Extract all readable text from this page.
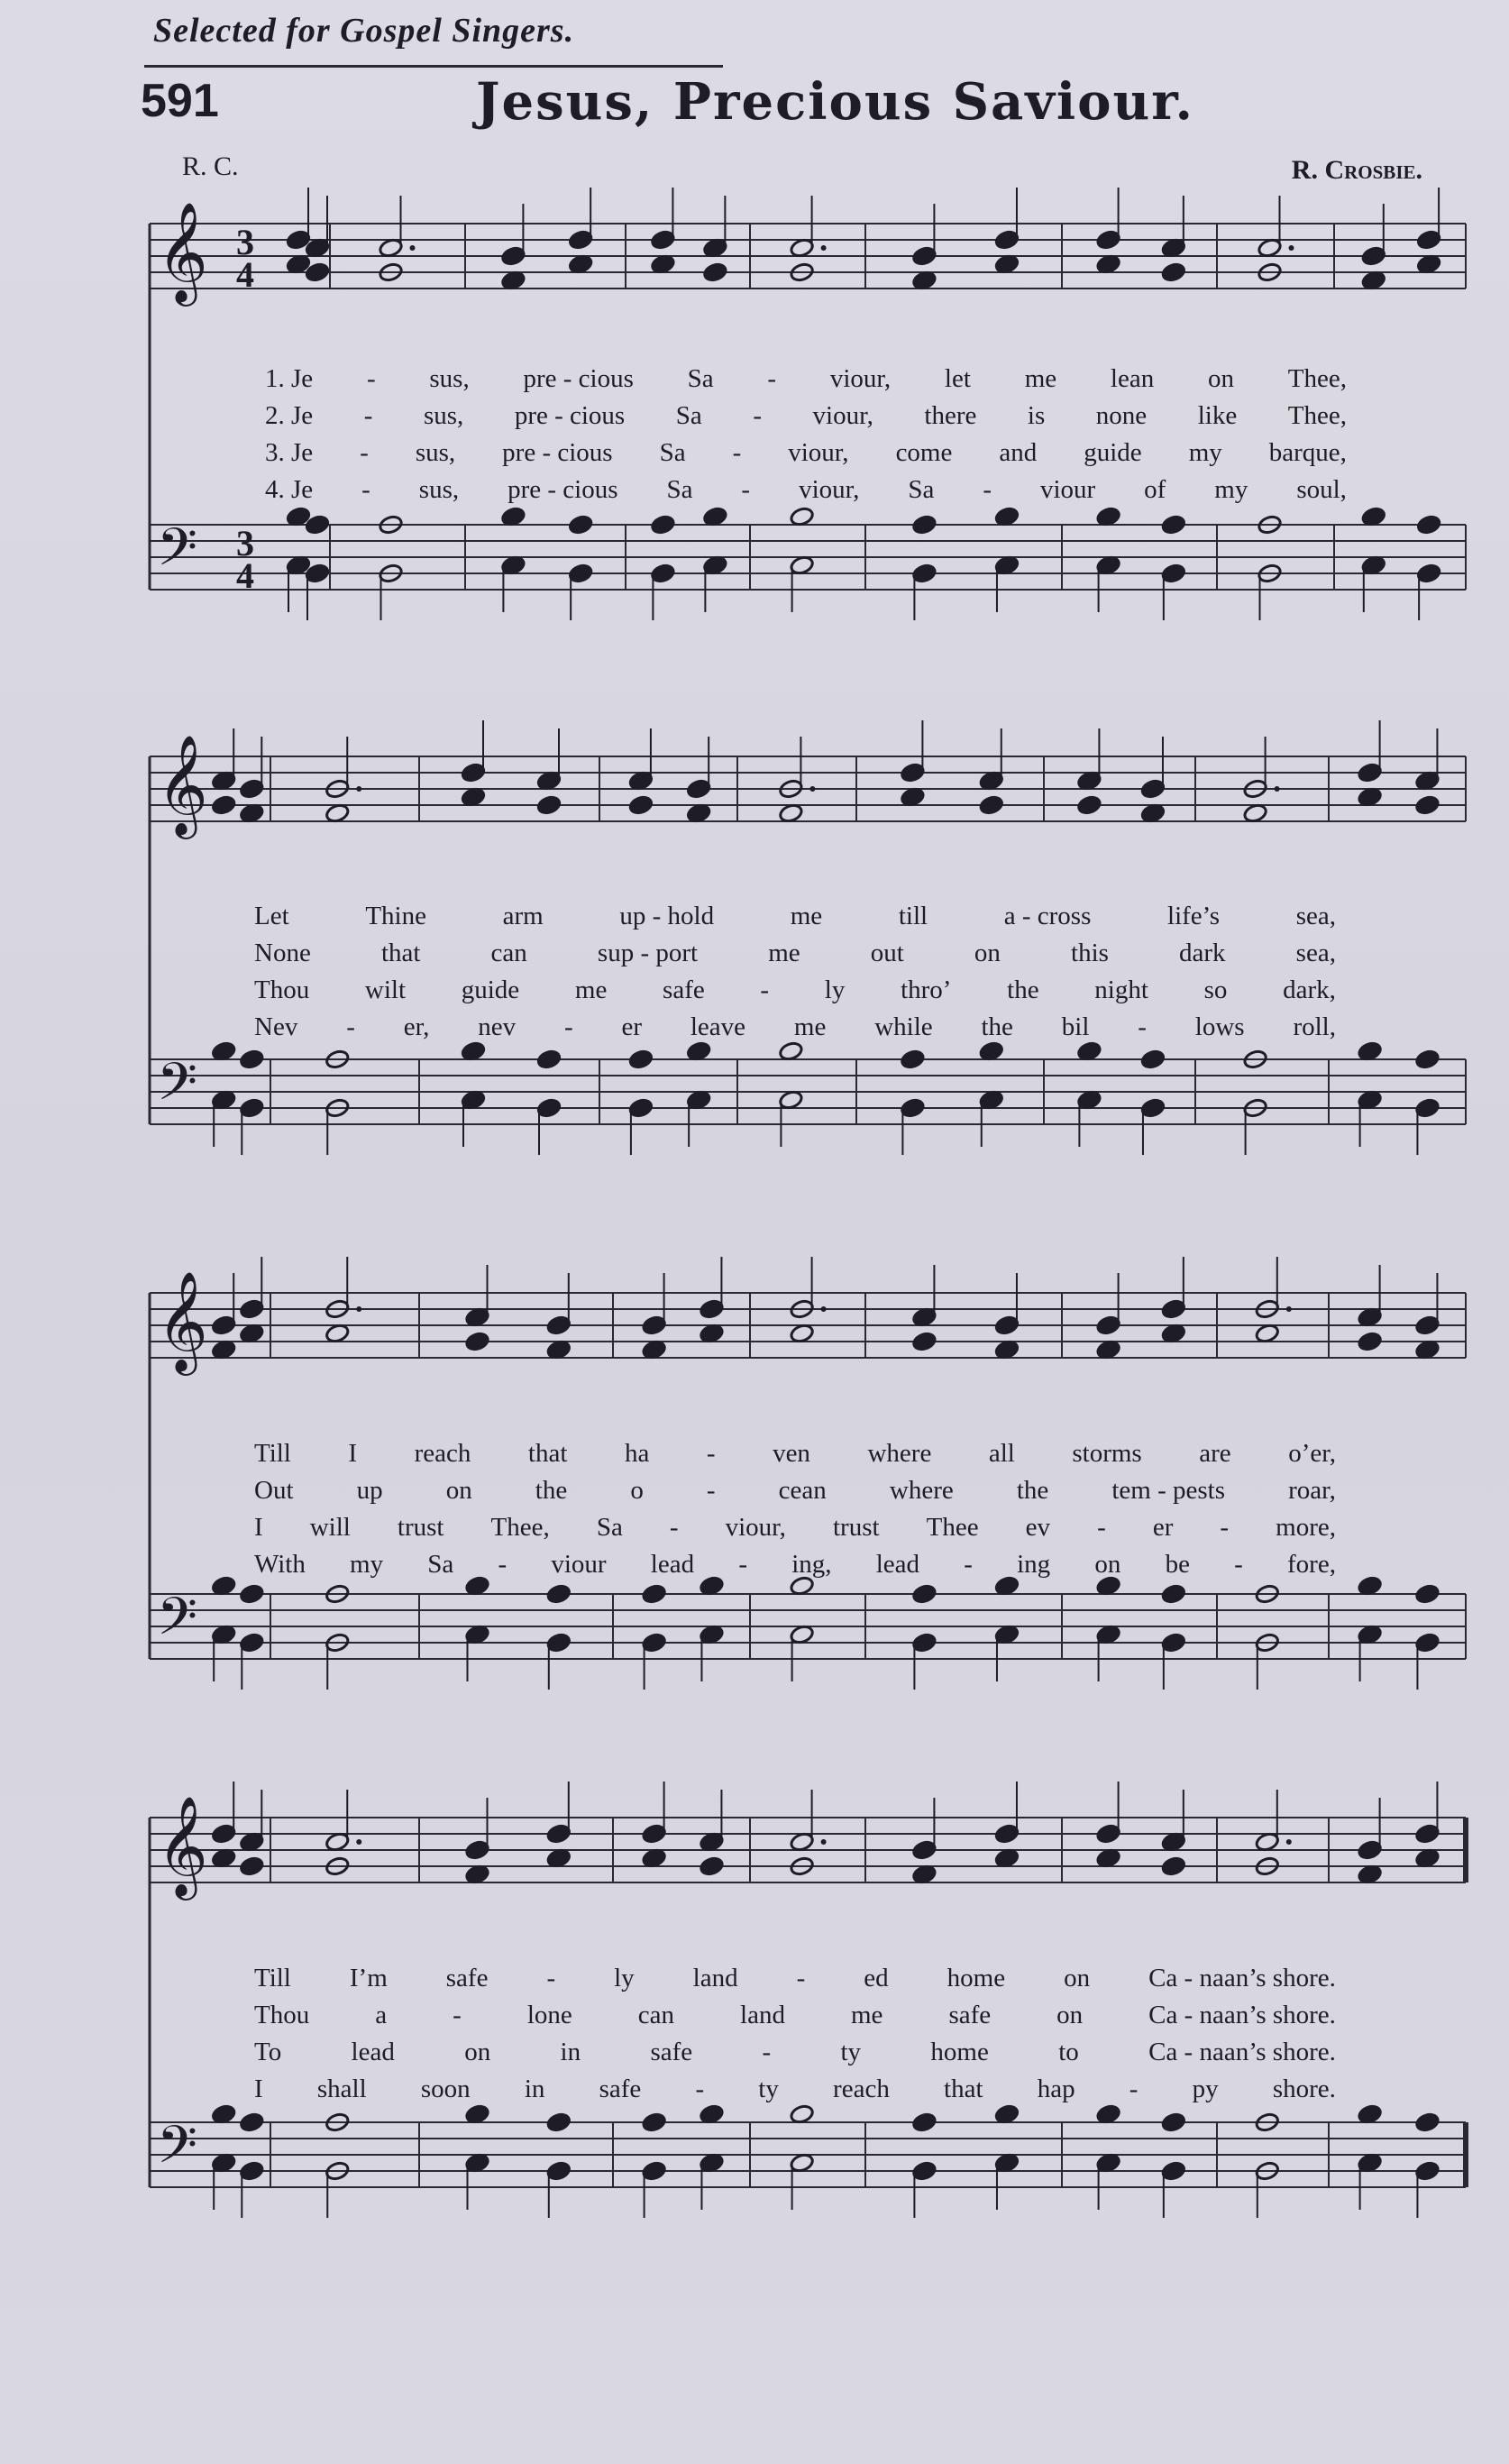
Selected for Gospel Singers.
591	Jesus, Precious Saviour.
R. C.	R. Crosbie.
𝄞
𝄢
3
4
3
4
𝄞
𝄢
𝄞
𝄢
𝄞
𝄢
1. Je - sus, pre - cious Sa - viour, let me lean on Thee,
2. Je - sus, pre - cious Sa - viour, there is none like Thee,
3. Je - sus, pre - cious Sa - viour, come and guide my barque,
4. Je - sus, pre - cious Sa - viour, Sa - viour of my soul,
Let	Thine	arm	up - hold	me	till	a - cross	life’s	sea,
None	that	can	sup - port	me	out	on	this	dark	sea,
Thou wilt guide me safe - ly thro’ the night so dark,
Nev - er, nev - er leave me while the bil - lows roll,
Till I reach that ha - ven where all storms are o’er,
Out up on the o - cean where the tem - pests roar,
I will trust Thee, Sa - viour, trust Thee ev - er - more,
With my Sa - viour lead - ing, lead - ing on be - fore,
Till I’m safe - ly land - ed home on Ca - naan’s shore.
Thou	a	-	lone	can	land	me	safe	on	Ca - naan’s shore.
To	lead	on	in	safe	-	ty	home	to	Ca - naan’s shore.
I shall soon in safe - ty reach that hap - py shore.
